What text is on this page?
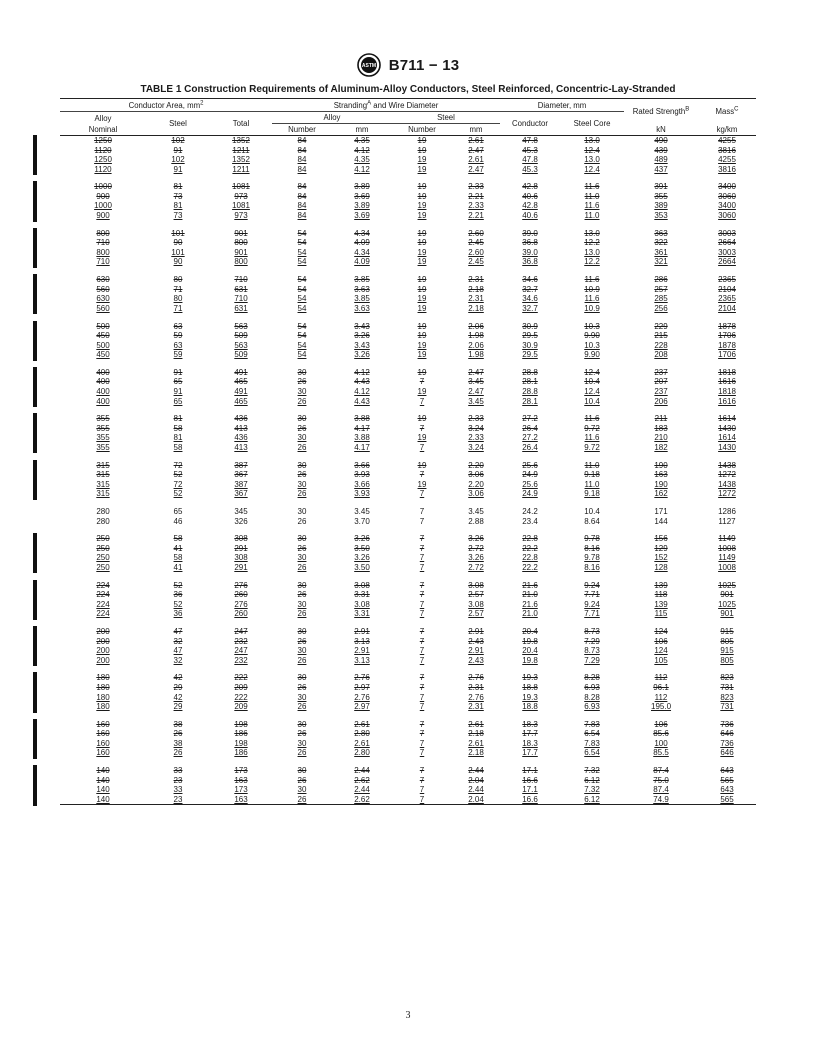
ASTM B711 − 13
TABLE 1 Construction Requirements of Aluminum-Alloy Conductors, Steel Reinforced, Concentric-Lay-Stranded
Conductor Area, $mm^2$			Stranding$^A$ and Wire Diameter				Diameter, mm		Rated Strength$^B$	Mass$^C$
Alloy
Nominal	Steel	Total	Alloy		Steel		Conductor	Steel Core		
			Number	mm	Number	mm			kN	kg/km
1250	102	1352	84	4.35	19	2.61	47.8	13.0	490	4255
1120	91	1211	84	4.12	19	2.47	45.3	12.4	439	3816
1250	102	1352	84	4.35	19	2.61	47.8	13.0	489	4255
1120	91	1211	84	4.12	19	2.47	45.3	12.4	437	3816

1000	81	1081	84	3.89	19	2.33	42.8	11.6	391	3400
900	73	973	84	3.69	19	2.21	40.6	11.0	355	3060
1000	81	1081	84	3.89	19	2.33	42.8	11.6	389	3400
900	73	973	84	3.69	19	2.21	40.6	11.0	353	3060

800	101	901	54	4.34	19	2.60	39.0	13.0	363	3003
710	90	800	54	4.09	19	2.45	36.8	12.2	322	2664
800	101	901	54	4.34	19	2.60	39.0	13.0	361	3003
710	90	800	54	4.09	19	2.45	36.8	12.2	321	2664

630	80	710	54	3.85	19	2.31	34.6	11.6	286	2365
560	71	631	54	3.63	19	2.18	32.7	10.9	257	2104
630	80	710	54	3.85	19	2.31	34.6	11.6	285	2365
560	71	631	54	3.63	19	2.18	32.7	10.9	256	2104

500	63	563	54	3.43	19	2.06	30.9	10.3	229	1878
450	59	509	54	3.26	19	1.98	29.5	9.90	215	1706
500	63	563	54	3.43	19	2.06	30.9	10.3	228	1878
450	59	509	54	3.26	19	1.98	29.5	9.90	208	1706

400	91	491	30	4.12	19	2.47	28.8	12.4	237	1818
400	65	465	26	4.43	7	3.45	28.1	10.4	207	1616
400	91	491	30	4.12	19	2.47	28.8	12.4	237	1818
400	65	465	26	4.43	7	3.45	28.1	10.4	206	1616

355	81	436	30	3.88	19	2.33	27.2	11.6	211	1614
355	58	413	26	4.17	7	3.24	26.4	9.72	183	1430
355	81	436	30	3.88	19	2.33	27.2	11.6	210	1614
355	58	413	26	4.17	7	3.24	26.4	9.72	182	1430

315	72	387	30	3.66	19	2.20	25.6	11.0	190	1438
315	52	367	26	3.93	7	3.06	24.9	9.18	163	1272
315	72	387	30	3.66	19	2.20	25.6	11.0	190	1438
315	52	367	26	3.93	7	3.06	24.9	9.18	162	1272

280	65	345	30	3.45	7	3.45	24.2	10.4	171	1286
280	46	326	26	3.70	7	2.88	23.4	8.64	144	1127

250	58	308	30	3.26	7	3.26	22.8	9.78	156	1149
250	41	291	26	3.50	7	2.72	22.2	8.16	129	1008
250	58	308	30	3.26	7	3.26	22.8	9.78	152	1149
250	41	291	26	3.50	7	2.72	22.2	8.16	128	1008

224	52	276	30	3.08	7	3.08	21.6	9.24	139	1025
224	36	260	26	3.31	7	2.57	21.0	7.71	118	901
224	52	276	30	3.08	7	3.08	21.6	9.24	139	1025
224	36	260	26	3.31	7	2.57	21.0	7.71	115	901

200	47	247	30	2.91	7	2.91	20.4	8.73	124	915
200	32	232	26	3.13	7	2.43	19.8	7.29	106	805
200	47	247	30	2.91	7	2.91	20.4	8.73	124	915
200	32	232	26	3.13	7	2.43	19.8	7.29	105	805

180	42	222	30	2.76	7	2.76	19.3	8.28	112	823
180	29	209	26	2.97	7	2.31	18.8	6.93	96.1	731
180	42	222	30	2.76	7	2.76	19.3	8.28	112	823
180	29	209	26	2.97	7	2.31	18.8	6.93	195.0	731

160	38	198	30	2.61	7	2.61	18.3	7.83	106	736
160	26	186	26	2.80	7	2.18	17.7	6.54	85.6	646
160	38	198	30	2.61	7	2.61	18.3	7.83	100	736
160	26	186	26	2.80	7	2.18	17.7	6.54	85.5	646

140	33	173	30	2.44	7	2.44	17.1	7.32	87.4	643
140	23	163	26	2.62	7	2.04	16.6	6.12	75.0	565
140	33	173	30	2.44	7	2.44	17.1	7.32	87.4	643
140	23	163	26	2.62	7	2.04	16.6	6.12	74.9	565
3
